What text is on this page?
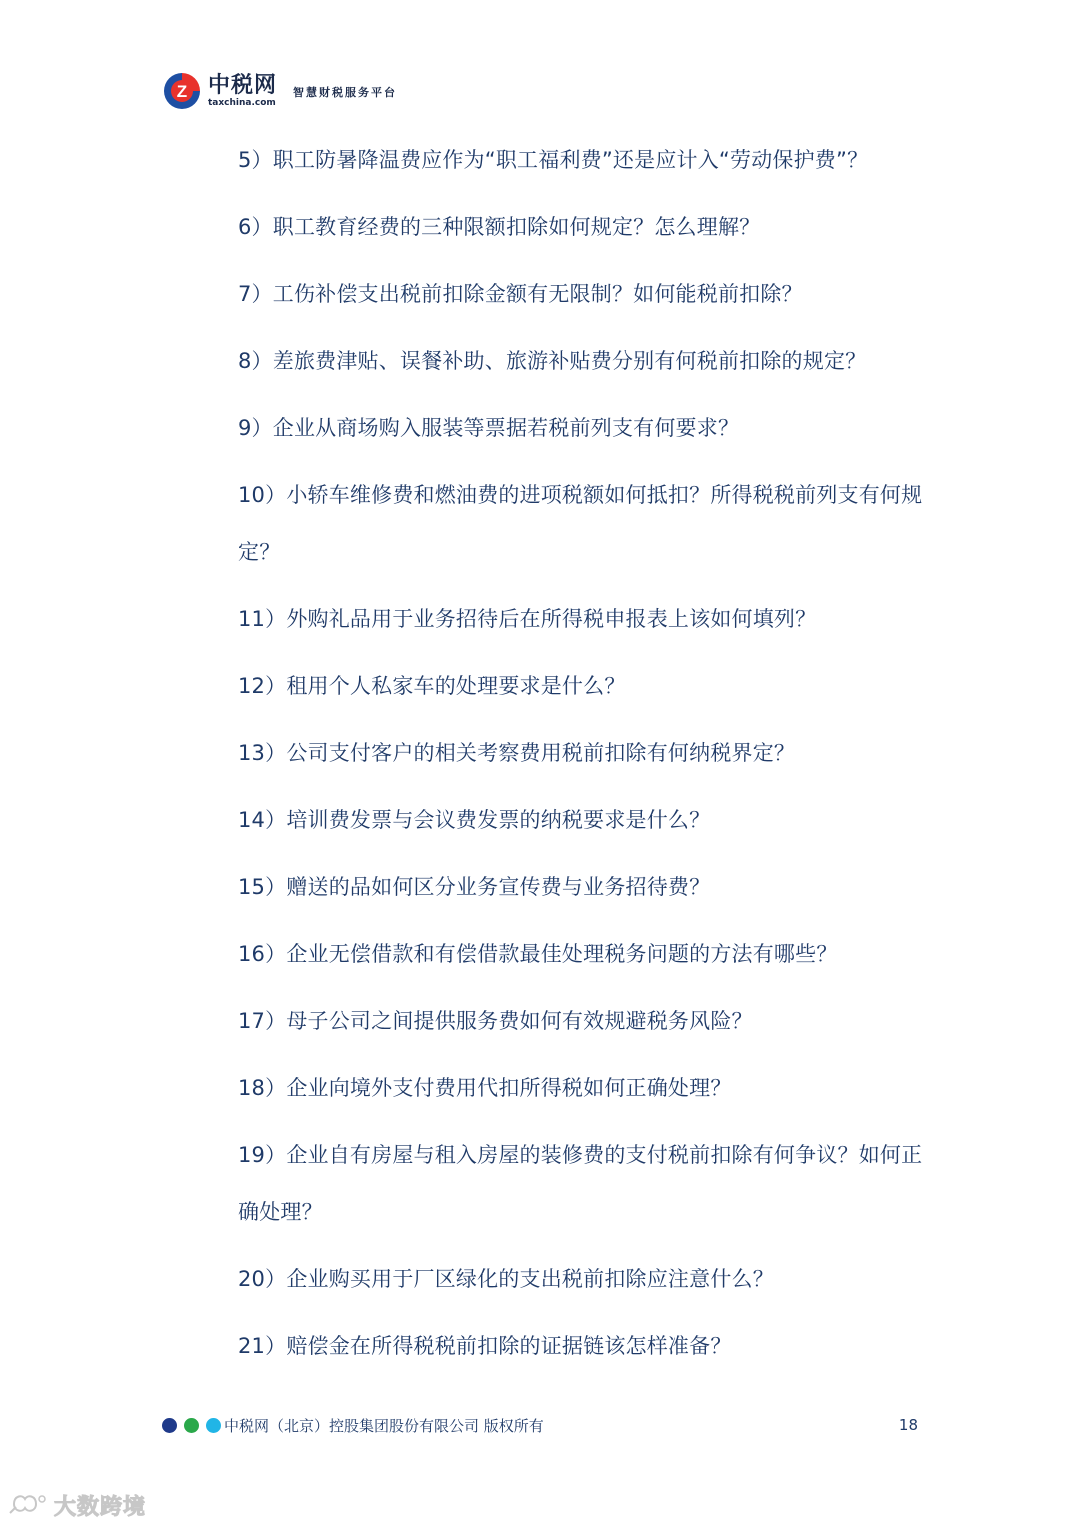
Z 中税网
taxchina.com
智慧财税服务平台
5）职工防暑降温费应作为“职工福利费”还是应计入“劳动保护费”？
6）职工教育经费的三种限额扣除如何规定？怎么理解？
7）工伤补偿支出税前扣除金额有无限制？如何能税前扣除？
8）差旅费津贴、误餐补助、旅游补贴费分别有何税前扣除的规定？
9）企业从商场购入服装等票据若税前列支有何要求？
10）小轿车维修费和燃油费的进项税额如何抵扣？所得税税前列支有何规定？
11）外购礼品用于业务招待后在所得税申报表上该如何填列？
12）租用个人私家车的处理要求是什么？
13）公司支付客户的相关考察费用税前扣除有何纳税界定？
14）培训费发票与会议费发票的纳税要求是什么？
15）赠送的品如何区分业务宣传费与业务招待费？
16）企业无偿借款和有偿借款最佳处理税务问题的方法有哪些？
17）母子公司之间提供服务费如何有效规避税务风险？
18）企业向境外支付费用代扣所得税如何正确处理？
19）企业自有房屋与租入房屋的装修费的支付税前扣除有何争议？如何正确处理？
20）企业购买用于厂区绿化的支出税前扣除应注意什么？
21）赔偿金在所得税税前扣除的证据链该怎样准备？
中税网（北京）控股集团股份有限公司 版权所有	18
大数跨境
